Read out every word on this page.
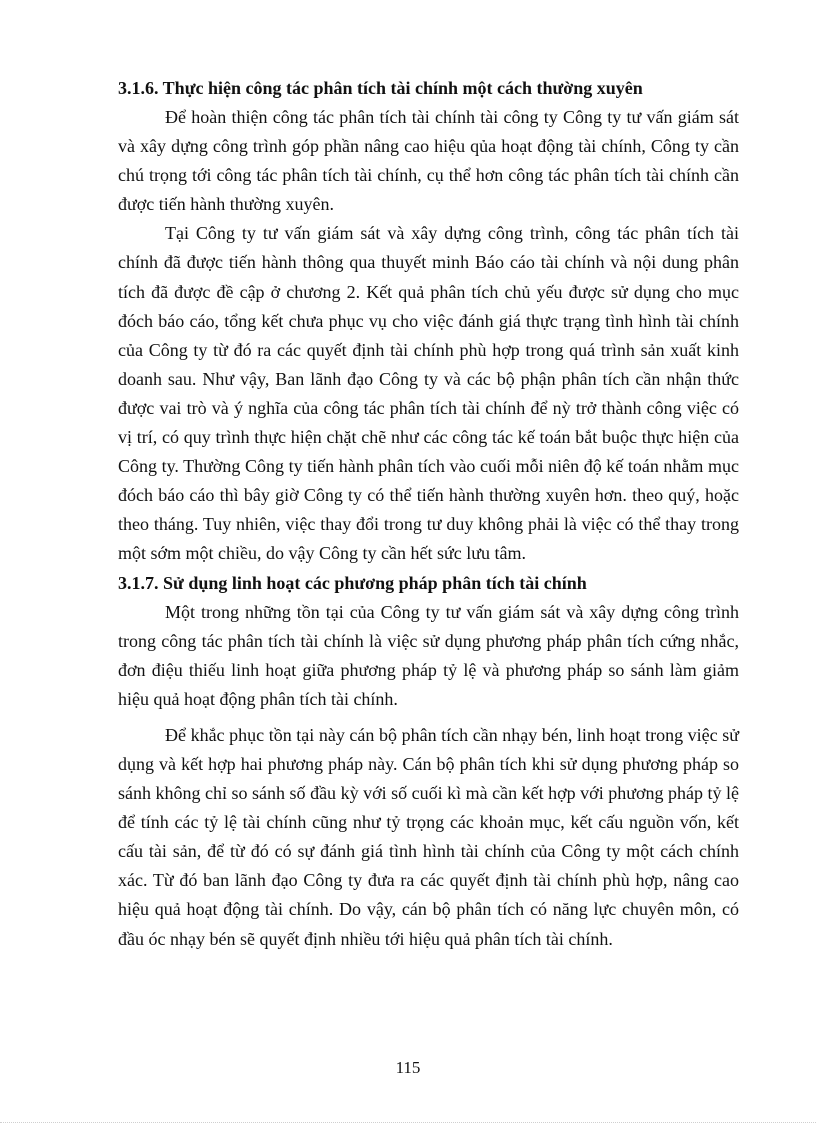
3.1.6. Thực hiện công tác phân tích tài chính một cách thường xuyên

Để hoàn thiện công tác phân tích tài chính tài công ty Công ty tư vấn giám sát và xây dựng công trình góp phần nâng cao hiệu qủa hoạt động tài chính, Công ty cần chú trọng tới công tác phân tích tài chính, cụ thể hơn công tác phân tích tài chính cần được tiến hành thường xuyên.

Tại Công ty tư vấn giám sát và xây dựng công trình, công tác phân tích tài chính đã được tiến hành thông qua thuyết minh Báo cáo tài chính và nội dung phân tích đã được đề cập ở chương 2. Kết quả phân tích chủ yếu được sử dụng cho mục đóch báo cáo, tổng kết chưa phục vụ cho việc đánh giá thực trạng tình hình tài chính của Công ty từ đó ra các quyết định tài chính phù hợp trong quá trình sản xuất kinh doanh sau. Như vậy, Ban lãnh đạo Công ty và các bộ phận phân tích cần nhận thức được vai trò và ý nghĩa của công tác phân tích tài chính để nỳ trở thành công việc có vị trí, có quy trình thực hiện chặt chẽ như các công tác kế toán bắt buộc thực hiện của Công ty. Thường Công ty tiến hành phân tích vào cuối mỗi niên độ kế toán nhằm mục đóch báo cáo thì bây giờ Công ty có thể tiến hành thường xuyên hơn. theo quý, hoặc theo tháng. Tuy nhiên, việc thay đổi trong tư duy không phải là việc có thể thay trong một sớm một chiều, do vậy Công ty cần hết sức lưu tâm.

3.1.7. Sử dụng linh hoạt các phương pháp phân tích tài chính

Một trong những tồn tại của Công ty tư vấn giám sát và xây dựng công trình trong công tác phân tích tài chính là việc sử dụng phương pháp phân tích cứng nhắc, đơn điệu thiếu linh hoạt giữa phương pháp tỷ lệ và phương pháp so sánh làm giảm hiệu quả hoạt động phân tích tài chính.

Để khắc phục tồn tại này cán bộ phân tích cần nhạy bén, linh hoạt trong việc sử dụng và kết hợp hai phương pháp này. Cán bộ phân tích khi sử dụng phương pháp so sánh không chỉ so sánh số đầu kỳ với số cuối kì mà cần kết hợp với phương pháp tỷ lệ để tính các tỷ lệ tài chính cũng như tỷ trọng các khoản mục, kết cấu nguồn vốn, kết cấu tài sản, để từ đó có sự đánh giá tình hình tài chính của Công ty một cách chính xác. Từ đó ban lãnh đạo Công ty đưa ra các quyết định tài chính phù hợp, nâng cao hiệu quả hoạt động tài chính. Do vậy, cán bộ phân tích có năng lực chuyên môn, có đầu óc nhạy bén sẽ quyết định nhiều tới hiệu quả phân tích tài chính.

115
